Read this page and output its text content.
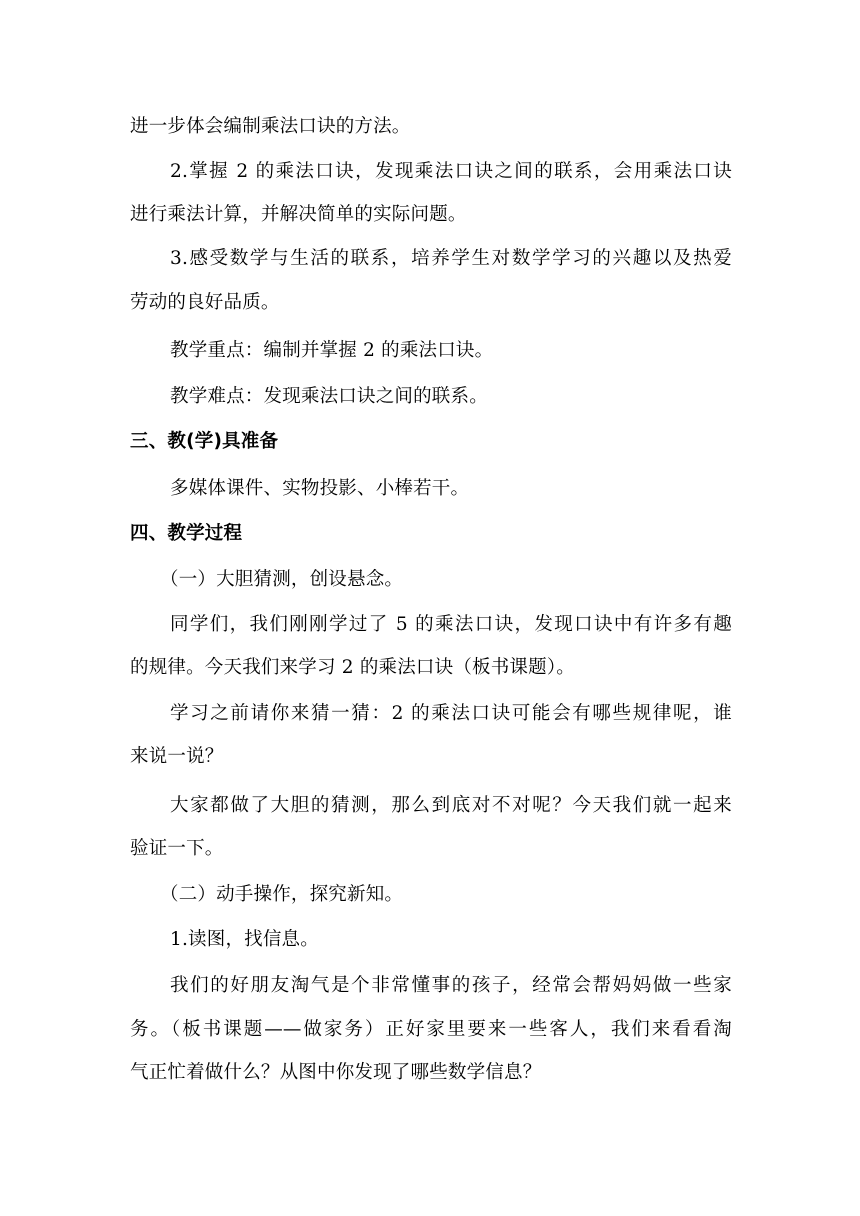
进一步体会编制乘法口诀的方法。
2.掌握 2 的乘法口诀，发现乘法口诀之间的联系，会用乘法口诀
进行乘法计算，并解决简单的实际问题。
3.感受数学与生活的联系，培养学生对数学学习的兴趣以及热爱
劳动的良好品质。
教学重点：编制并掌握 2 的乘法口诀。
教学难点：发现乘法口诀之间的联系。
三、教(学)具准备
多媒体课件、实物投影、小棒若干。
四、教学过程
（一）大胆猜测，创设悬念。
同学们，我们刚刚学过了 5 的乘法口诀，发现口诀中有许多有趣
的规律。今天我们来学习 2 的乘法口诀（板书课题）。
学习之前请你来猜一猜：2 的乘法口诀可能会有哪些规律呢，谁
来说一说？
大家都做了大胆的猜测，那么到底对不对呢？今天我们就一起来
验证一下。
（二）动手操作，探究新知。
1.读图，找信息。
我们的好朋友淘气是个非常懂事的孩子，经常会帮妈妈做一些家
务。（板书课题——做家务）正好家里要来一些客人，我们来看看淘
气正忙着做什么？从图中你发现了哪些数学信息？
